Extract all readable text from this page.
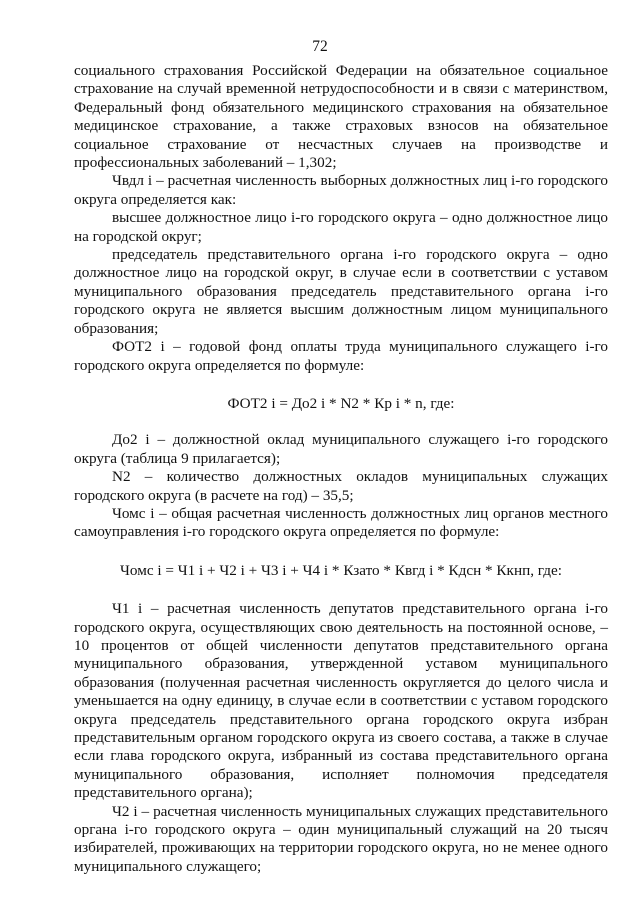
72

социального страхования Российской Федерации на обязательное социальное страхование на случай временной нетрудоспособности и в связи с материнством, Федеральный фонд обязательного медицинского страхования на обязательное медицинское страхование, а также страховых взносов на обязательное социальное страхование от несчастных случаев на производстве и профессиональных заболеваний – 1,302;

Чвдл i – расчетная численность выборных должностных лиц i-го городского округа определяется как:

высшее должностное лицо i-го городского округа – одно должностное лицо на городской округ;

председатель представительного органа i-го городского округа – одно должностное лицо на городской округ, в случае если в соответствии с уставом муниципального образования председатель представительного органа i-го городского округа не является высшим должностным лицом муниципального образования;

ФОТ2 i – годовой фонд оплаты труда муниципального служащего i-го городского округа определяется по формуле:

ФОТ2 i = До2 i * N2 * Кр i * n, где:

До2 i – должностной оклад муниципального служащего i-го городского округа (таблица 9 прилагается);

N2 – количество должностных окладов муниципальных служащих городского округа (в расчете на год) – 35,5;

Чомс i – общая расчетная численность должностных лиц органов местного самоуправления i-го городского округа определяется по формуле:

Чомс i = Ч1 i + Ч2 i + Ч3 i + Ч4 i * Кзато * Квгд i * Кдсн * Ккнп, где:

Ч1 i – расчетная численность депутатов представительного органа i-го городского округа, осуществляющих свою деятельность на постоянной основе, – 10 процентов от общей численности депутатов представительного органа муниципального образования, утвержденной уставом муниципального образования (полученная расчетная численность округляется до целого числа и уменьшается на одну единицу, в случае если в соответствии с уставом городского округа председатель представительного органа городского округа избран представительным органом городского округа из своего состава, а также в случае если глава городского округа, избранный из состава представительного органа муниципального образования, исполняет полномочия председателя представительного органа);

Ч2 i – расчетная численность муниципальных служащих представительного органа i-го городского округа – один муниципальный служащий на 20 тысяч избирателей, проживающих на территории городского округа, но не менее одного муниципального служащего;
